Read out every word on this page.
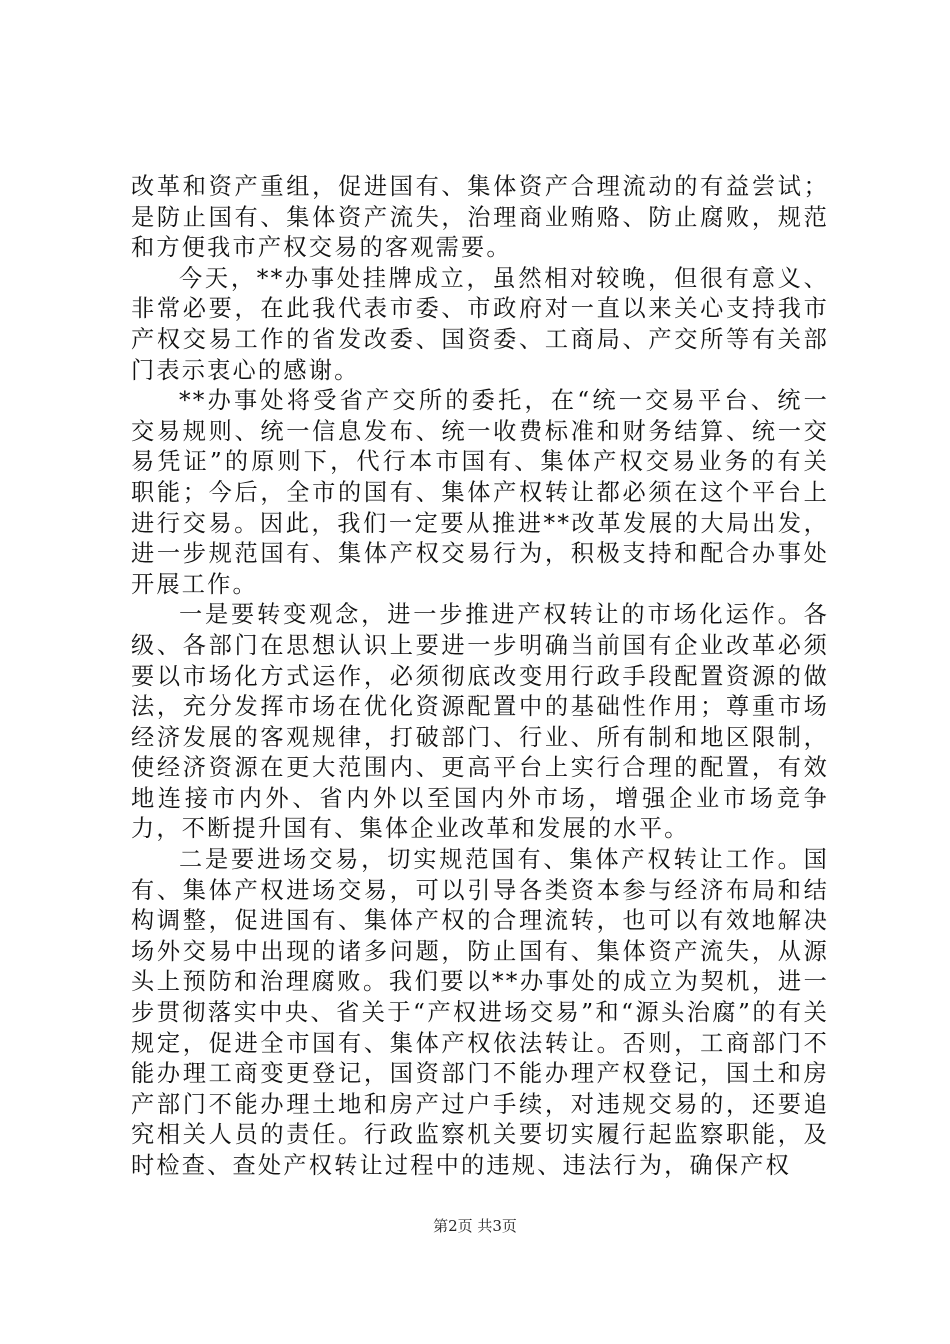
改革和资产重组，促进国有、集体资产合理流动的有益尝试；是防止国有、集体资产流失，治理商业贿赂、防止腐败，规范和方便我市产权交易的客观需要。

今天，**办事处挂牌成立，虽然相对较晚，但很有意义、非常必要，在此我代表市委、市政府对一直以来关心支持我市产权交易工作的省发改委、国资委、工商局、产交所等有关部门表示衷心的感谢。

**办事处将受省产交所的委托，在“统一交易平台、统一交易规则、统一信息发布、统一收费标准和财务结算、统一交易凭证”的原则下，代行本市国有、集体产权交易业务的有关职能；今后，全市的国有、集体产权转让都必须在这个平台上进行交易。因此，我们一定要从推进**改革发展的大局出发，进一步规范国有、集体产权交易行为，积极支持和配合办事处开展工作。

一是要转变观念，进一步推进产权转让的市场化运作。各级、各部门在思想认识上要进一步明确当前国有企业改革必须要以市场化方式运作，必须彻底改变用行政手段配置资源的做法，充分发挥市场在优化资源配置中的基础性作用；尊重市场经济发展的客观规律，打破部门、行业、所有制和地区限制，使经济资源在更大范围内、更高平台上实行合理的配置，有效地连接市内外、省内外以至国内外市场，增强企业市场竞争力，不断提升国有、集体企业改革和发展的水平。

二是要进场交易，切实规范国有、集体产权转让工作。国有、集体产权进场交易，可以引导各类资本参与经济布局和结构调整，促进国有、集体产权的合理流转，也可以有效地解决场外交易中出现的诸多问题，防止国有、集体资产流失，从源头上预防和治理腐败。我们要以**办事处的成立为契机，进一步贯彻落实中央、省关于“产权进场交易”和“源头治腐”的有关规定，促进全市国有、集体产权依法转让。否则，工商部门不能办理工商变更登记，国资部门不能办理产权登记，国土和房产部门不能办理土地和房产过户手续，对违规交易的，还要追究相关人员的责任。行政监察机关要切实履行起监察职能，及时检查、查处产权转让过程中的违规、违法行为，确保产权

第2页 共3页
